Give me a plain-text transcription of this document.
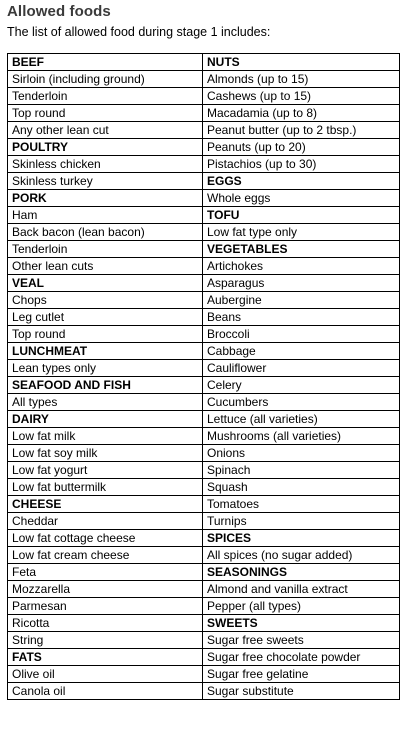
Allowed foods
The list of allowed food during stage 1 includes:
BEEF	NUTS
Sirloin (including ground)	Almonds (up to 15)
Tenderloin	Cashews (up to 15)
Top round	Macadamia (up to 8)
Any other lean cut	Peanut butter (up to 2 tbsp.)
POULTRY	Peanuts (up to 20)
Skinless chicken	Pistachios (up to 30)
Skinless turkey	EGGS
PORK	Whole eggs
Ham	TOFU
Back bacon (lean bacon)	Low fat type only
Tenderloin	VEGETABLES
Other lean cuts	Artichokes
VEAL	Asparagus
Chops	Aubergine
Leg cutlet	Beans
Top round	Broccoli
LUNCHMEAT	Cabbage
Lean types only	Cauliflower
SEAFOOD AND FISH	Celery
All types	Cucumbers
DAIRY	Lettuce (all varieties)
Low fat milk	Mushrooms (all varieties)
Low fat soy milk	Onions
Low fat yogurt	Spinach
Low fat buttermilk	Squash
CHEESE	Tomatoes
Cheddar	Turnips
Low fat cottage cheese	SPICES
Low fat cream cheese	All spices (no sugar added)
Feta	SEASONINGS
Mozzarella	Almond and vanilla extract
Parmesan	Pepper (all types)
Ricotta	SWEETS
String	Sugar free sweets
FATS	Sugar free chocolate powder
Olive oil	Sugar free gelatine
Canola oil	Sugar substitute
